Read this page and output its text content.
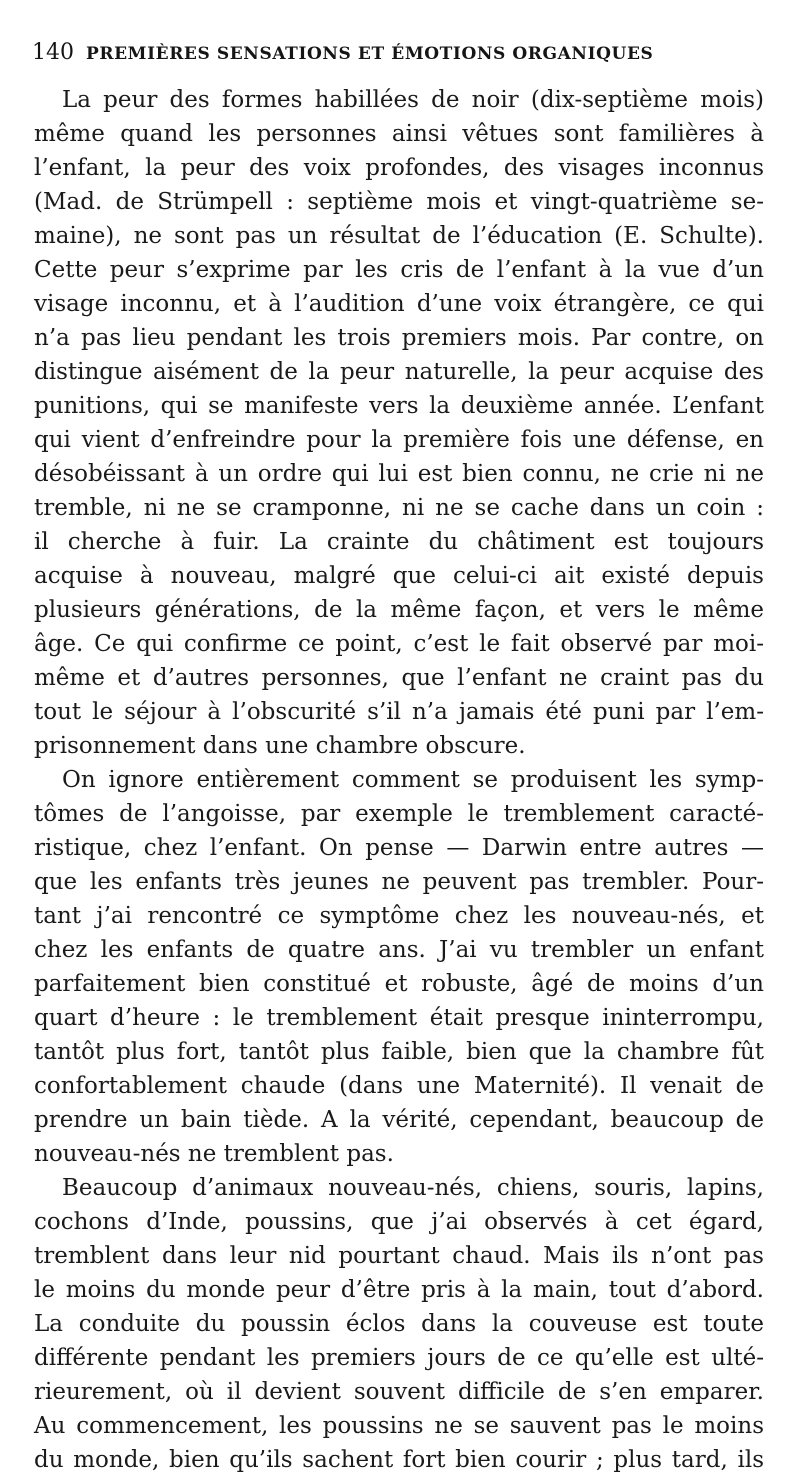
140 PREMIÈRES SENSATIONS ET ÉMOTIONS ORGANIQUES
La peur des formes habillées de noir (dix-septième mois)
même quand les personnes ainsi vêtues sont familières à
l’enfant, la peur des voix profondes, des visages inconnus
(Mad. de Strümpell : septième mois et vingt-quatrième se-
maine), ne sont pas un résultat de l’éducation (E. Schulte).
Cette peur s’exprime par les cris de l’enfant à la vue d’un
visage inconnu, et à l’audition d’une voix étrangère, ce qui
n’a pas lieu pendant les trois premiers mois. Par contre, on
distingue aisément de la peur naturelle, la peur acquise des
punitions, qui se manifeste vers la deuxième année. L’enfant
qui vient d’enfreindre pour la première fois une défense, en
désobéissant à un ordre qui lui est bien connu, ne crie ni ne
tremble, ni ne se cramponne, ni ne se cache dans un coin :
il cherche à fuir. La crainte du châtiment est toujours
acquise à nouveau, malgré que celui-ci ait existé depuis
plusieurs générations, de la même façon, et vers le même
âge. Ce qui confirme ce point, c’est le fait observé par moi-
même et d’autres personnes, que l’enfant ne craint pas du
tout le séjour à l’obscurité s’il n’a jamais été puni par l’em-
prisonnement dans une chambre obscure.
On ignore entièrement comment se produisent les symp-
tômes de l’angoisse, par exemple le tremblement caracté-
ristique, chez l’enfant. On pense — Darwin entre autres —
que les enfants très jeunes ne peuvent pas trembler. Pour-
tant j’ai rencontré ce symptôme chez les nouveau-nés, et
chez les enfants de quatre ans. J’ai vu trembler un enfant
parfaitement bien constitué et robuste, âgé de moins d’un
quart d’heure : le tremblement était presque ininterrompu,
tantôt plus fort, tantôt plus faible, bien que la chambre fût
confortablement chaude (dans une Maternité). Il venait de
prendre un bain tiède. A la vérité, cependant, beaucoup de
nouveau-nés ne tremblent pas.
Beaucoup d’animaux nouveau-nés, chiens, souris, lapins,
cochons d’Inde, poussins, que j’ai observés à cet égard,
tremblent dans leur nid pourtant chaud. Mais ils n’ont pas
le moins du monde peur d’être pris à la main, tout d’abord.
La conduite du poussin éclos dans la couveuse est toute
différente pendant les premiers jours de ce qu’elle est ulté-
rieurement, où il devient souvent difficile de s’en emparer.
Au commencement, les poussins ne se sauvent pas le moins
du monde, bien qu’ils sachent fort bien courir ; plus tard, ils
